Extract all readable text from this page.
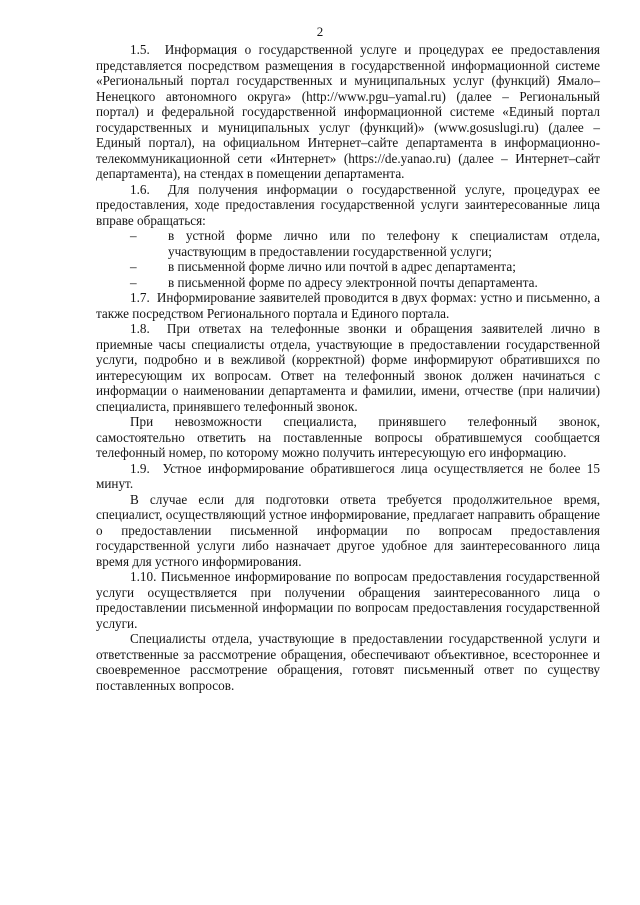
2

1.5.  Информация о государственной услуге и процедурах ее предоставления представляется посредством размещения в государственной информационной системе «Региональный портал государственных и муниципальных услуг (функций) Ямало–Ненецкого автономного округа» (http://www.pgu–yamal.ru) (далее – Региональный портал) и федеральной государственной информационной системе «Единый портал государственных и муниципальных услуг (функций)» (www.gosuslugi.ru) (далее – Единый портал), на официальном Интернет–сайте департамента в информационно-телекоммуникационной сети «Интернет» (https://de.yanao.ru) (далее – Интернет–сайт департамента), на стендах в помещении департамента.

1.6.  Для получения информации о государственной услуге, процедурах ее предоставления, ходе предоставления государственной услуги заинтересованные лица вправе обращаться:

–	в устной форме лично или по телефону к специалистам отдела, участвующим в предоставлении государственной услуги;

–	в письменной форме лично или почтой в адрес департамента;

–	в письменной форме по адресу электронной почты департамента.

1.7.  Информирование заявителей проводится в двух формах: устно и письменно, а также посредством Регионального портала и Единого портала.

1.8.  При ответах на телефонные звонки и обращения заявителей лично в приемные часы специалисты отдела, участвующие в предоставлении государственной услуги, подробно и в вежливой (корректной) форме информируют обратившихся по интересующим их вопросам. Ответ на телефонный звонок должен начинаться с информации о наименовании департамента и фамилии, имени, отчестве (при наличии) специалиста, принявшего телефонный звонок.

При невозможности специалиста, принявшего телефонный звонок, самостоятельно ответить на поставленные вопросы обратившемуся сообщается телефонный номер, по которому можно получить интересующую его информацию.

1.9.  Устное информирование обратившегося лица осуществляется не более 15 минут.

В случае если для подготовки ответа требуется продолжительное время, специалист, осуществляющий устное информирование, предлагает направить обращение о предоставлении письменной информации по вопросам предоставления государственной услуги либо назначает другое удобное для заинтересованного лица время для устного информирования.

1.10. Письменное информирование по вопросам предоставления государственной услуги осуществляется при получении обращения заинтересованного лица о предоставлении письменной информации по вопросам предоставления государственной услуги.

Специалисты отдела, участвующие в предоставлении государственной услуги и ответственные за рассмотрение обращения, обеспечивают объективное, всестороннее и своевременное рассмотрение обращения, готовят письменный ответ по существу поставленных вопросов.
